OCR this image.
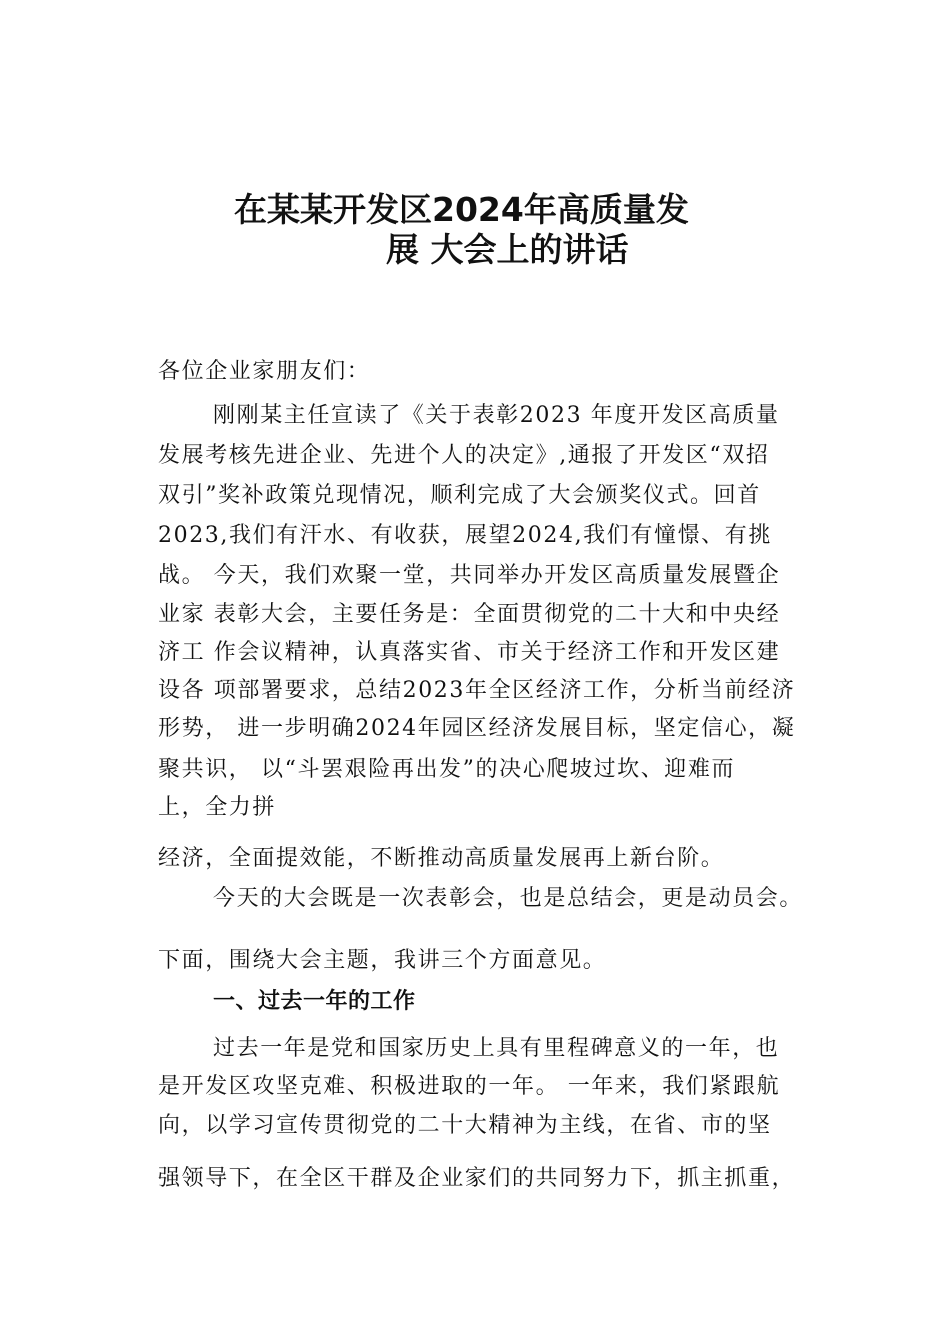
在某某开发区2024年高质量发
展 大会上的讲话
各位企业家朋友们：
刚刚某主任宣读了《关于表彰2023 年度开发区高质量
发展考核先进企业、先进个人的决定》,通报了开发区“双招
双引”奖补政策兑现情况，顺利完成了大会颁奖仪式。回首
2023,我们有汗水、有收获，展望2024,我们有憧憬、有挑
战。 今天，我们欢聚一堂，共同举办开发区高质量发展暨企
业家 表彰大会，主要任务是：全面贯彻党的二十大和中央经
济工 作会议精神，认真落实省、市关于经济工作和开发区建
设各 项部署要求，总结2023年全区经济工作，分析当前经济
形势， 进一步明确2024年园区经济发展目标，坚定信心，凝
聚共识， 以“斗罢艰险再出发”的决心爬坡过坎、迎难而
上，全力拼
经济，全面提效能，不断推动高质量发展再上新台阶。
今天的大会既是一次表彰会，也是总结会，更是动员会。
下面，围绕大会主题，我讲三个方面意见。
一、过去一年的工作
过去一年是党和国家历史上具有里程碑意义的一年，也
是开发区攻坚克难、积极进取的一年。 一年来，我们紧跟航
向，以学习宣传贯彻党的二十大精神为主线，在省、市的坚
强领导下，在全区干群及企业家们的共同努力下，抓主抓重，
